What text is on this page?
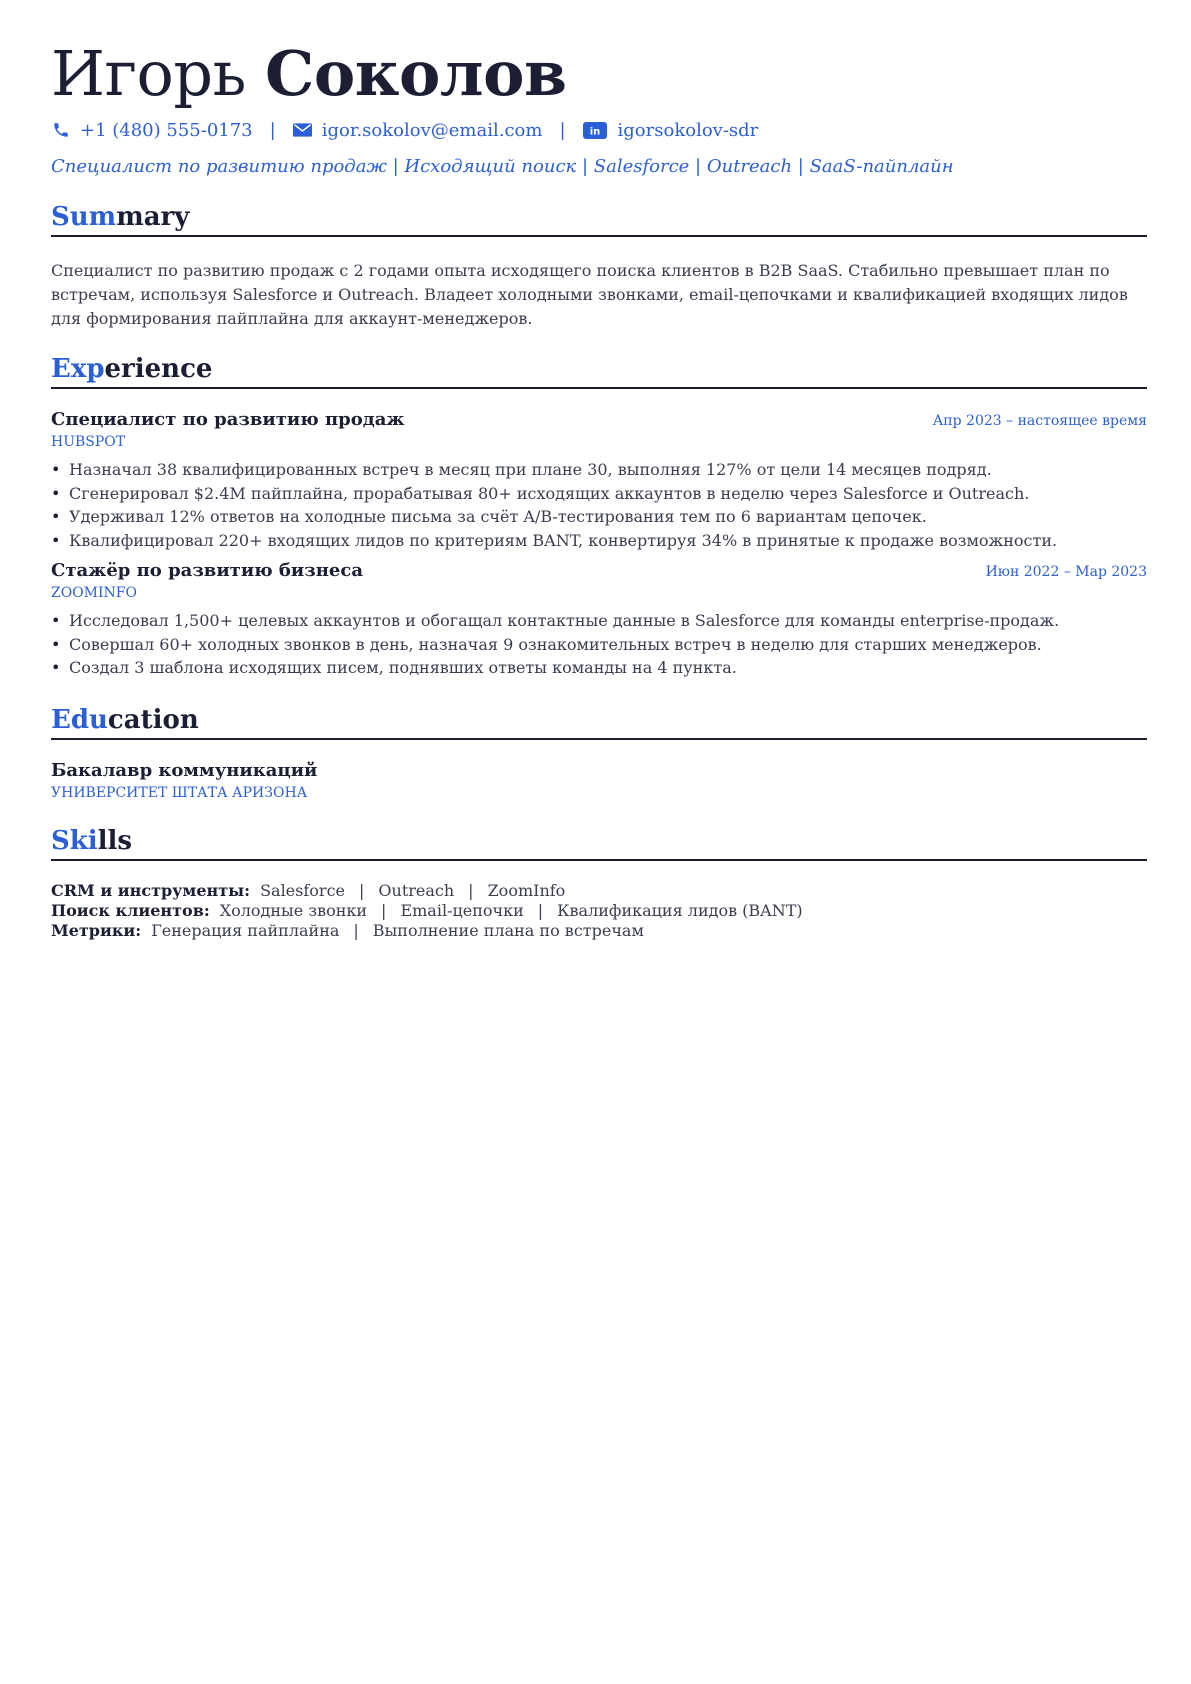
Игорь Соколов
+1 (480) 555-0173 |	igor.sokolov@email.com | in igorsokolov-sdr
Специалист по развитию продаж | Исходящий поиск | Salesforce | Outreach | SaaS-пайплайн
Summary
Специалист по развитию продаж с 2 годами опыта исходящего поиска клиентов в B2B SaaS. Стабильно превышает план по встречам, используя Salesforce и Outreach. Владеет холодными звонками, email-цепочками и квалификацией входящих лидов для формирования пайплайна для аккаунт-менеджеров.
Experience
Специалист по развитию продаж	Апр 2023 – настоящее время
HUBSPOT
• Назначал 38 квалифицированных встреч в месяц при плане 30, выполняя 127% от цели 14 месяцев подряд.
• Сгенерировал $2.4M пайплайна, прорабатывая 80+ исходящих аккаунтов в неделю через Salesforce и Outreach.
• Удерживал 12% ответов на холодные письма за счёт A/B-тестирования тем по 6 вариантам цепочек.
• Квалифицировал 220+ входящих лидов по критериям BANT, конвертируя 34% в принятые к продаже возможности.
Стажёр по развитию бизнеса	Июн 2022 – Мар 2023
ZOOMINFO
• Исследовал 1,500+ целевых аккаунтов и обогащал контактные данные в Salesforce для команды enterprise-продаж.
• Совершал 60+ холодных звонков в день, назначая 9 ознакомительных встреч в неделю для старших менеджеров.
• Создал 3 шаблона исходящих писем, поднявших ответы команды на 4 пункта.
Education
Бакалавр коммуникаций
УНИВЕРСИТЕТ ШТАТА АРИЗОНА
Skills
CRM и инструменты: Salesforce | Outreach | ZoomInfo
Поиск клиентов: Холодные звонки | Email-цепочки | Квалификация лидов (BANT)
Метрики: Генерация пайплайна | Выполнение плана по встречам
